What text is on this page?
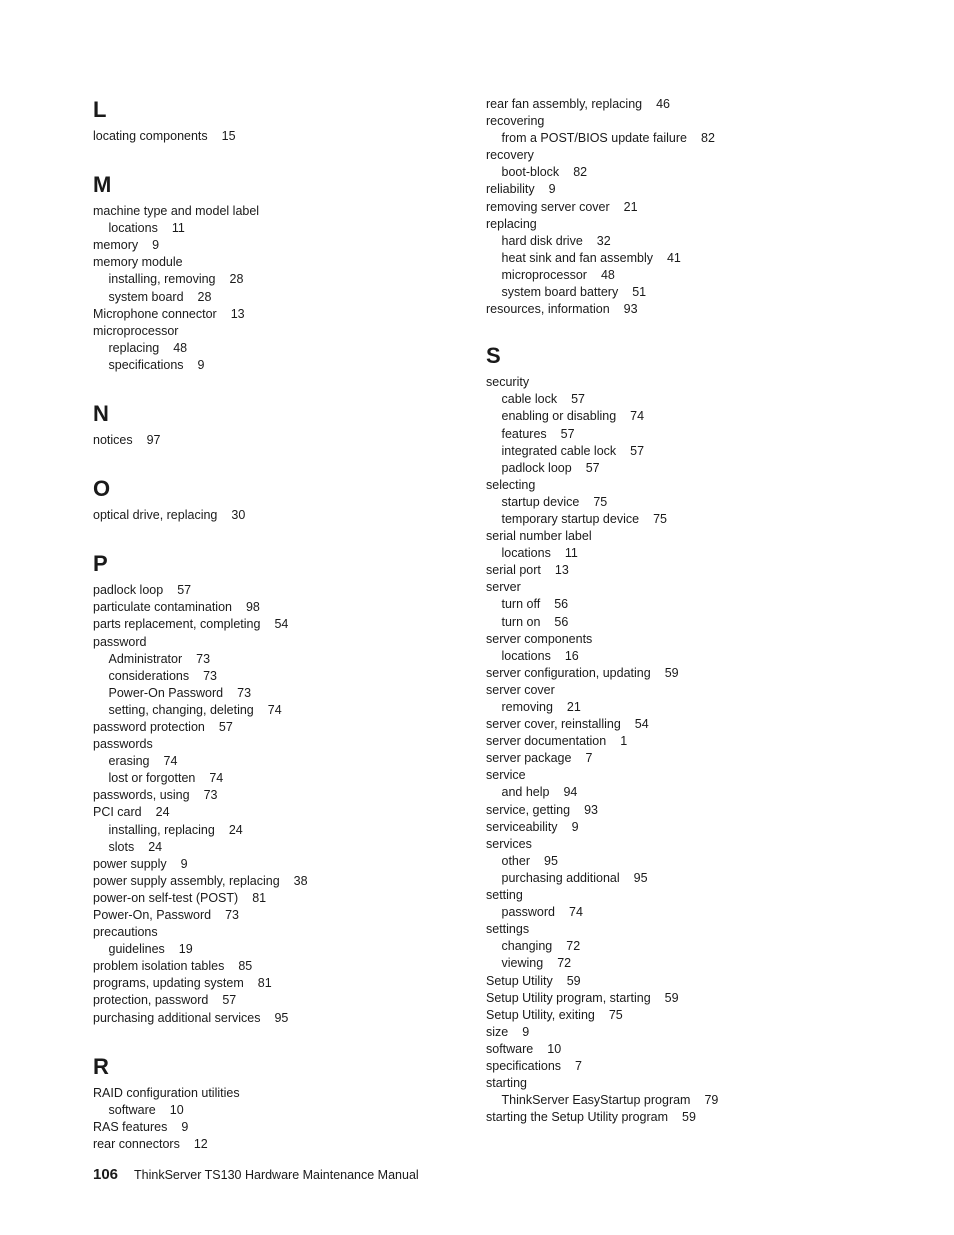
L
locating components 15
M
machine type and model label
locations 11
memory 9
memory module
installing, removing 28
system board 28
Microphone connector 13
microprocessor
replacing 48
specifications 9
N
notices 97
O
optical drive, replacing 30
P
padlock loop 57
particulate contamination 98
parts replacement, completing 54
password
Administrator 73
considerations 73
Power-On Password 73
setting, changing, deleting 74
password protection 57
passwords
erasing 74
lost or forgotten 74
passwords, using 73
PCI card 24
installing, replacing 24
slots 24
power supply 9
power supply assembly, replacing 38
power-on self-test (POST) 81
Power-On, Password 73
precautions
guidelines 19
problem isolation tables 85
programs, updating system 81
protection, password 57
purchasing additional services 95
R
RAID configuration utilities
software 10
RAS features 9
rear connectors 12
rear fan assembly, replacing 46
recovering
from a POST/BIOS update failure 82
recovery
boot-block 82
reliability 9
removing server cover 21
replacing
hard disk drive 32
heat sink and fan assembly 41
microprocessor 48
system board battery 51
resources, information 93
S
security
cable lock 57
enabling or disabling 74
features 57
integrated cable lock 57
padlock loop 57
selecting
startup device 75
temporary startup device 75
serial number label
locations 11
serial port 13
server
turn off 56
turn on 56
server components
locations 16
server configuration, updating 59
server cover
removing 21
server cover, reinstalling 54
server documentation 1
server package 7
service
and help 94
service, getting 93
serviceability 9
services
other 95
purchasing additional 95
setting
password 74
settings
changing 72
viewing 72
Setup Utility 59
Setup Utility program, starting 59
Setup Utility, exiting 75
size 9
software 10
specifications 7
starting
ThinkServer EasyStartup program 79
starting the Setup Utility program 59
106 ThinkServer TS130 Hardware Maintenance Manual
